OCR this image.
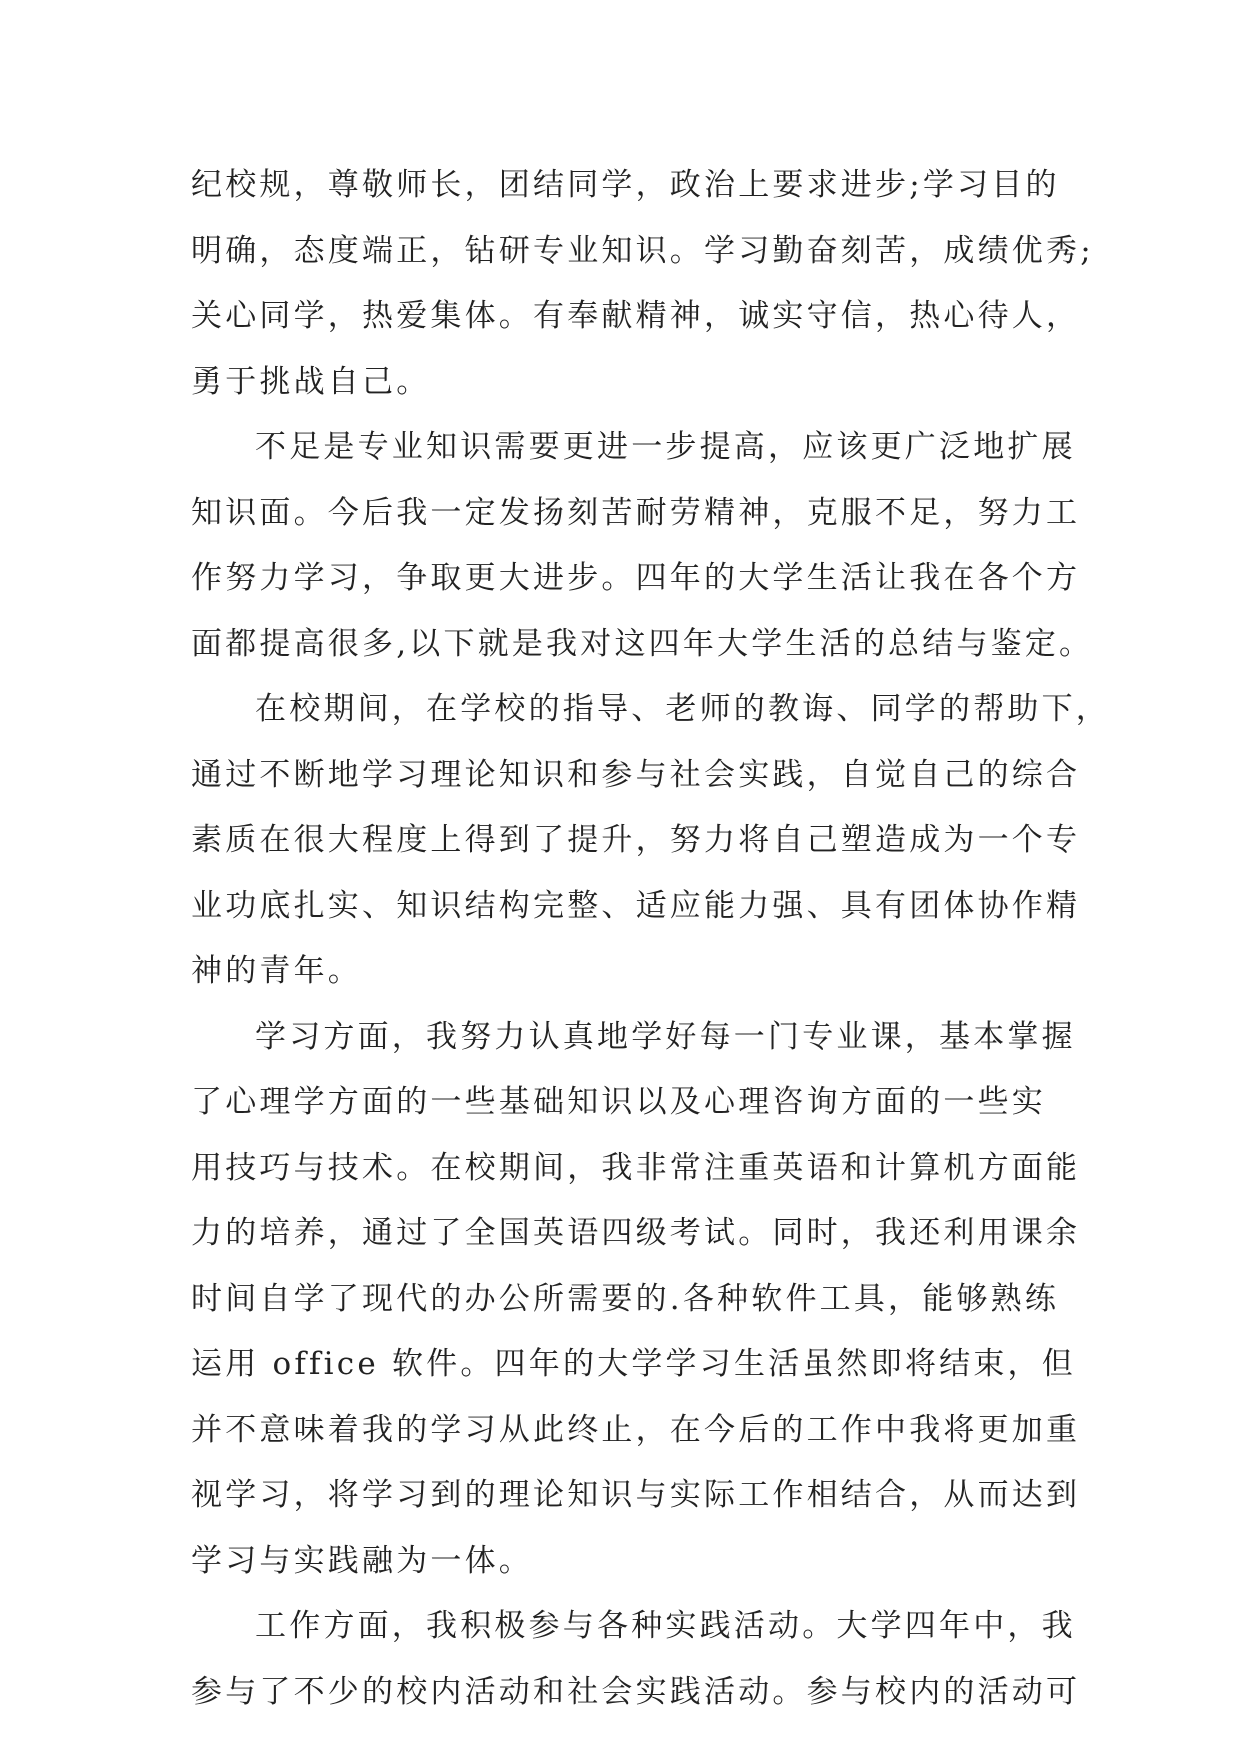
纪校规，尊敬师长，团结同学，政治上要求进步;学习目的
明确，态度端正，钻研专业知识。学习勤奋刻苦，成绩优秀;
关心同学，热爱集体。有奉献精神，诚实守信，热心待人，
勇于挑战自己。
不足是专业知识需要更进一步提高，应该更广泛地扩展
知识面。今后我一定发扬刻苦耐劳精神，克服不足，努力工
作努力学习，争取更大进步。四年的大学生活让我在各个方
面都提高很多,以下就是我对这四年大学生活的总结与鉴定。
在校期间，在学校的指导、老师的教诲、同学的帮助下，
通过不断地学习理论知识和参与社会实践，自觉自己的综合
素质在很大程度上得到了提升，努力将自己塑造成为一个专
业功底扎实、知识结构完整、适应能力强、具有团体协作精
神的青年。
学习方面，我努力认真地学好每一门专业课，基本掌握
了心理学方面的一些基础知识以及心理咨询方面的一些实
用技巧与技术。在校期间，我非常注重英语和计算机方面能
力的培养，通过了全国英语四级考试。同时，我还利用课余
时间自学了现代的办公所需要的.各种软件工具，能够熟练
运用 office 软件。四年的大学学习生活虽然即将结束，但
并不意味着我的学习从此终止，在今后的工作中我将更加重
视学习，将学习到的理论知识与实际工作相结合，从而达到
学习与实践融为一体。
工作方面，我积极参与各种实践活动。大学四年中，我
参与了不少的校内活动和社会实践活动。参与校内的活动可
